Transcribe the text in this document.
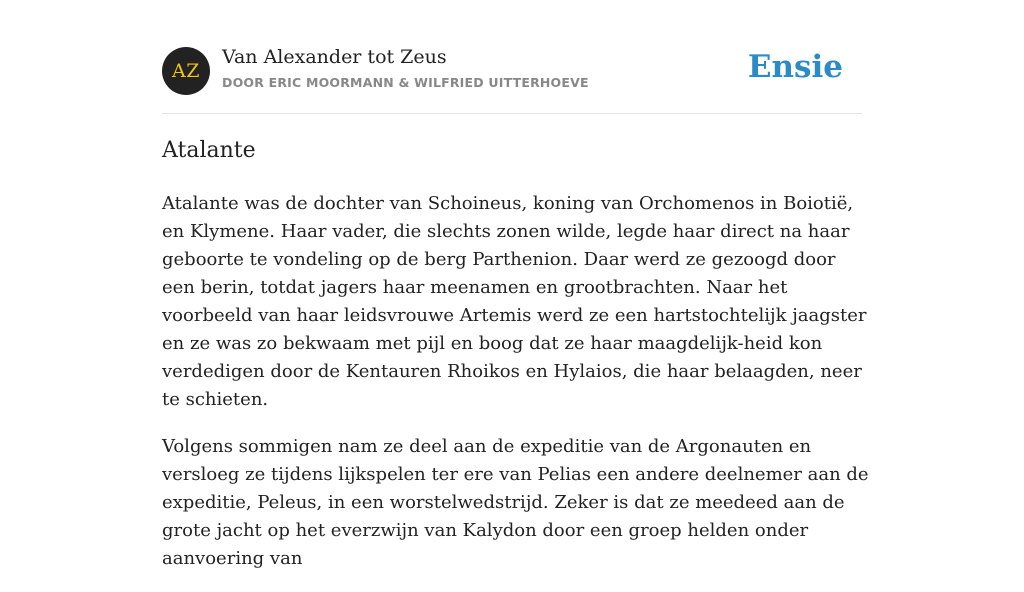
AZ
Van Alexander tot Zeus
DOOR ERIC MOORMANN & WILFRIED UITTERHOEVE	Ensie
Atalante

Atalante was de dochter van Schoineus, koning van Orchomenos in Boiotië, en Klymene. Haar vader, die slechts zonen wilde, legde haar direct na haar geboorte te vondeling op de berg Parthenion. Daar werd ze gezoogd door een berin, totdat jagers haar meenamen en grootbrachten. Naar het voorbeeld van haar leidsvrouwe Artemis werd ze een hartstochtelijk jaagster en ze was zo bekwaam met pijl en boog dat ze haar maagdelijk-heid kon verdedigen door de Kentauren Rhoikos en Hylaios, die haar belaagden, neer te schieten.

Volgens sommigen nam ze deel aan de expeditie van de Argonauten en versloeg ze tijdens lijkspelen ter ere van Pelias een andere deelnemer aan de expeditie, Peleus, in een worstelwedstrijd. Zeker is dat ze meedeed aan de grote jacht op het everzwijn van Kalydon door een groep helden onder aanvoering van
